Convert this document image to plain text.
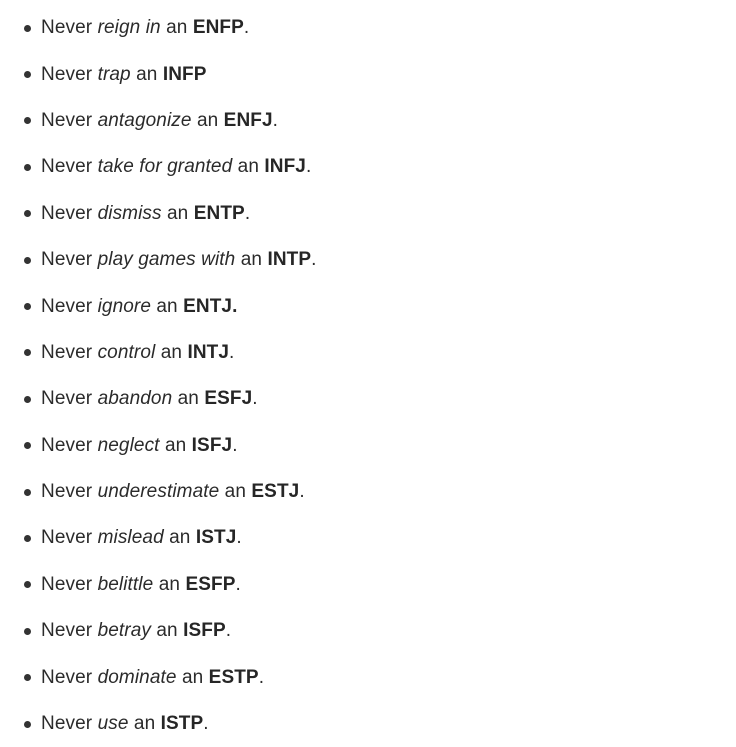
Never
reign in
an
ENFP .
Never
trap
an
INFP
Never
antagonize
an
ENFJ .
Never
take for granted
an
INFJ .
Never
dismiss
an
ENTP .
Never
play games with
an
INTP .
Never
ignore
an
ENTJ.
Never
control
an
INTJ .
Never
abandon
an
ESFJ .
Never
neglect
an
ISFJ .
Never
underestimate
an
ESTJ .
Never
mislead
an
ISTJ .
Never
belittle
an
ESFP .
Never
betray
an
ISFP .
Never
dominate
an
ESTP .
Never
use
an
ISTP .
